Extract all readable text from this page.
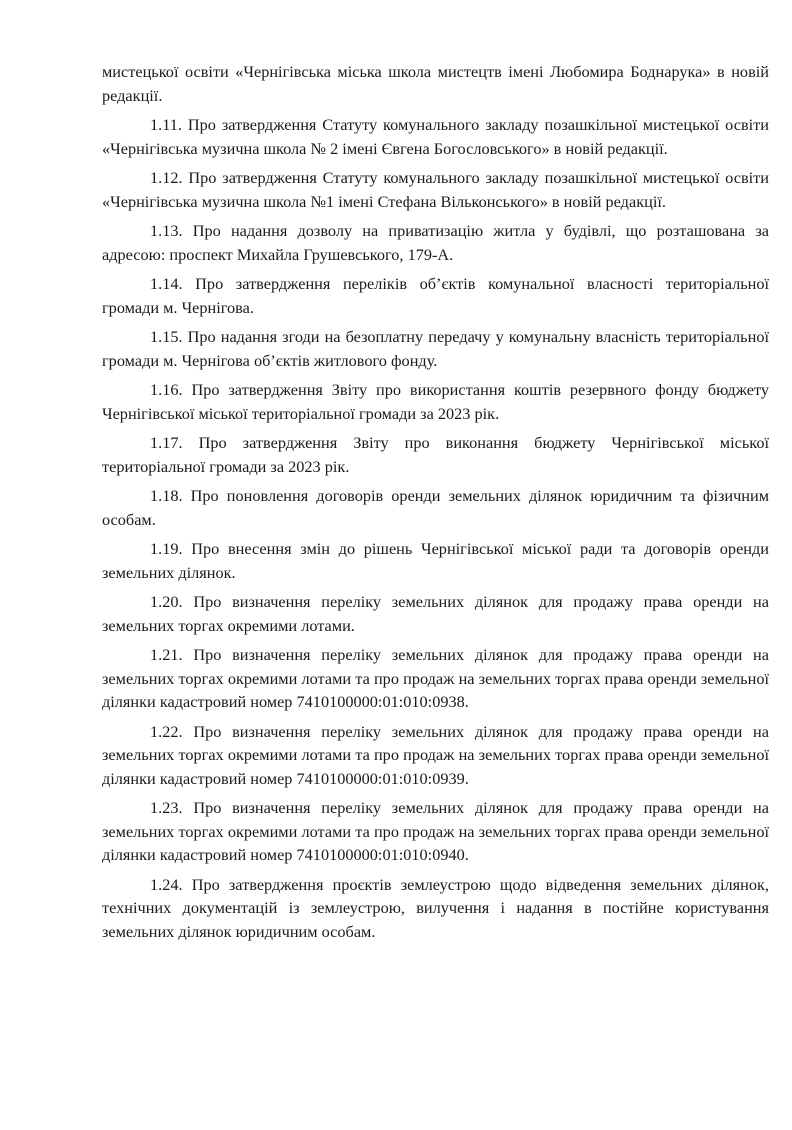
мистецької освіти «Чернігівська міська школа мистецтв імені Любомира Боднарука» в новій редакції.

1.11. Про затвердження Статуту комунального закладу позашкільної мистецької освіти «Чернігівська музична школа № 2 імені Євгена Богословського» в новій редакції.

1.12. Про затвердження Статуту комунального закладу позашкільної мистецької освіти «Чернігівська музична школа №1 імені Стефана Вільконського» в новій редакції.

1.13. Про надання дозволу на приватизацію житла у будівлі, що розташована за адресою: проспект Михайла Грушевського, 179-А.

1.14. Про затвердження переліків об’єктів комунальної власності територіальної громади м. Чернігова.

1.15. Про надання згоди на безоплатну передачу у комунальну власність територіальної громади м. Чернігова об’єктів житлового фонду.

1.16. Про затвердження Звіту про використання коштів резервного фонду бюджету Чернігівської міської територіальної громади за 2023 рік.

1.17. Про затвердження Звіту про виконання бюджету Чернігівської міської територіальної громади за 2023 рік.

1.18. Про поновлення договорів оренди земельних ділянок юридичним та фізичним особам.

1.19. Про внесення змін до рішень Чернігівської міської ради та договорів оренди земельних ділянок.

1.20. Про визначення переліку земельних ділянок для продажу права оренди на земельних торгах окремими лотами.

1.21. Про визначення переліку земельних ділянок для продажу права оренди на земельних торгах окремими лотами та про продаж на земельних торгах права оренди земельної ділянки кадастровий номер 7410100000:01:010:0938.

1.22. Про визначення переліку земельних ділянок для продажу права оренди на земельних торгах окремими лотами та про продаж на земельних торгах права оренди земельної ділянки кадастровий номер 7410100000:01:010:0939.

1.23. Про визначення переліку земельних ділянок для продажу права оренди на земельних торгах окремими лотами та про продаж на земельних торгах права оренди земельної ділянки кадастровий номер 7410100000:01:010:0940.

1.24. Про затвердження проєктів землеустрою щодо відведення земельних ділянок, технічних документацій із землеустрою, вилучення і надання в постійне користування земельних ділянок юридичним особам.
